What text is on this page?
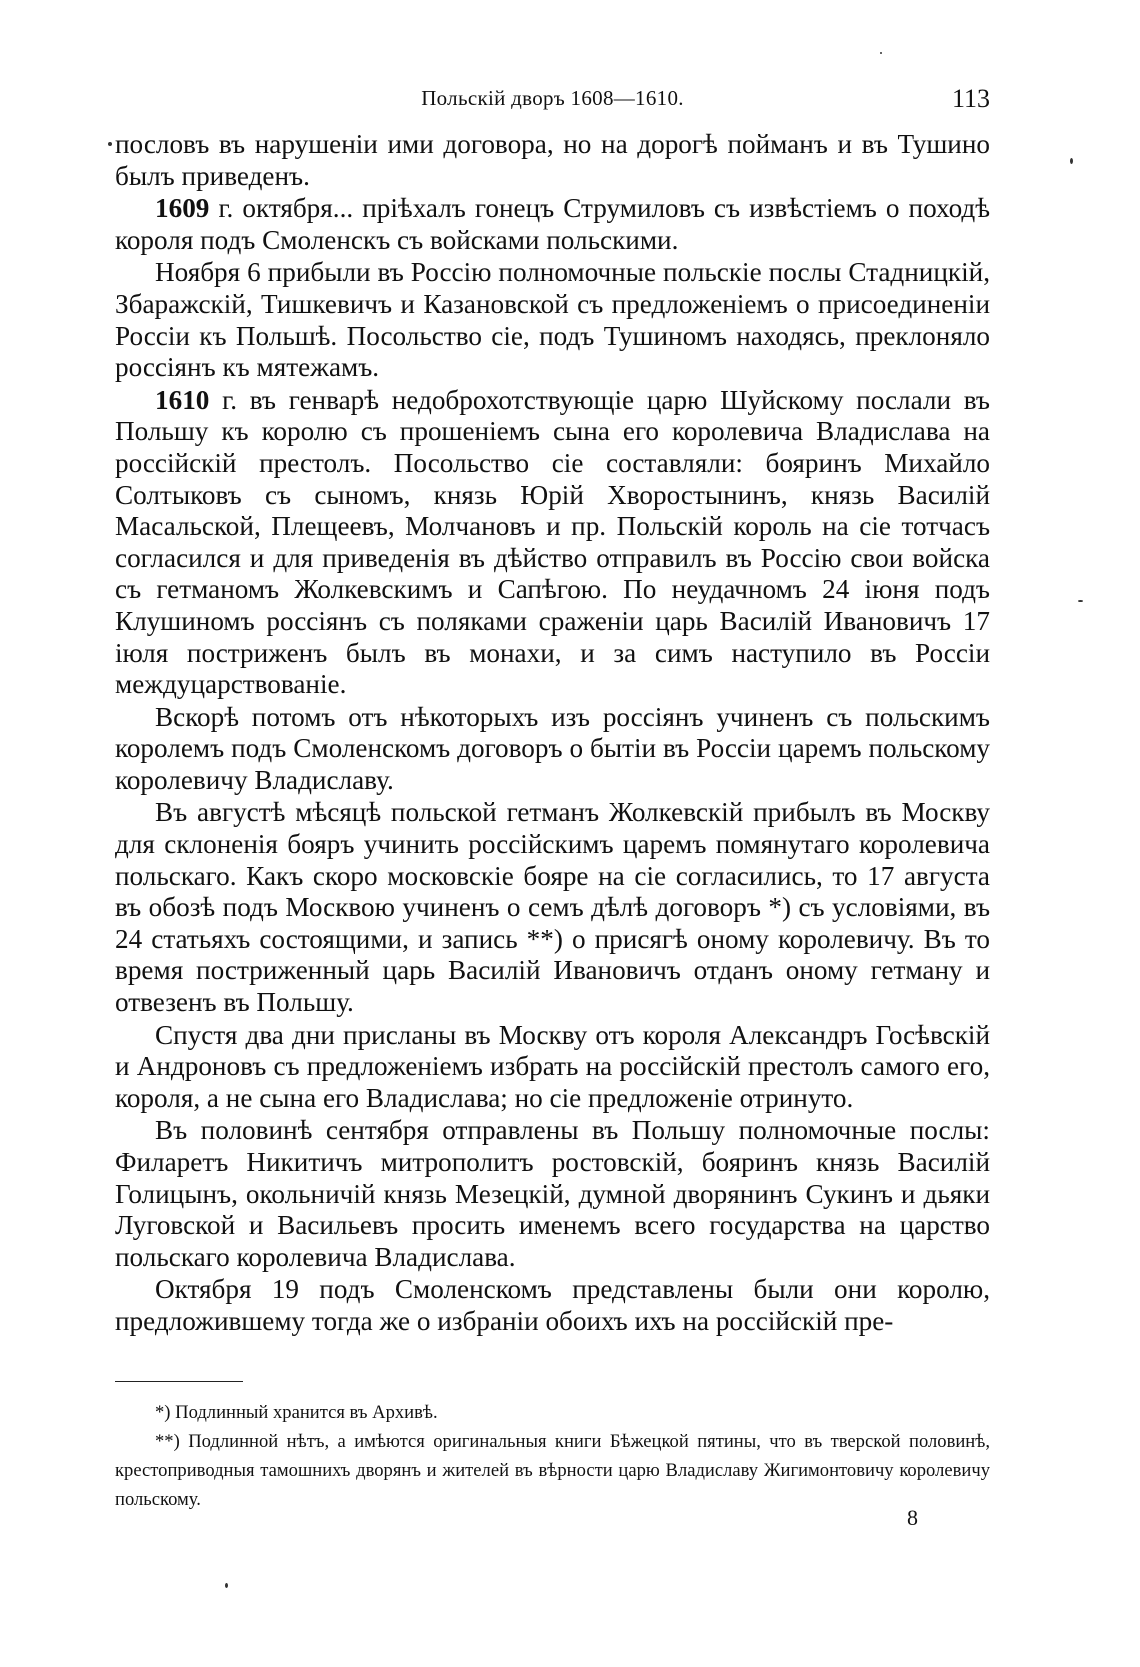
Польскій дворъ 1608—1610.	113

пословъ въ нарушеніи ими договора, но на дорогѣ пойманъ и въ Тушино былъ приведенъ.

1609 г. октября... пріѣхалъ гонецъ Струмиловъ съ извѣстіемъ о походѣ короля подъ Смоленскъ съ войсками польскими.

Ноября 6 прибыли въ Россію полномочные польскіе послы Стадницкій, Збаражскій, Тишкевичъ и Казановской съ предложеніемъ о присоединеніи Россіи къ Польшѣ. Посольство сіе, подъ Тушиномъ находясь, преклоняло россіянъ къ мятежамъ.

1610 г. въ генварѣ недоброхотствующіе царю Шуйскому послали въ Польшу къ королю съ прошеніемъ сына его королевича Владислава на россійскій престолъ. Посольство сіе составляли: бояринъ Михайло Солтыковъ съ сыномъ, князь Юрій Хворостынинъ, князь Василій Масальской, Плещеевъ, Молчановъ и пр. Польскій король на сіе тотчасъ согласился и для приведенія въ дѣйство отправилъ въ Россію свои войска съ гетманомъ Жолкевскимъ и Сапѣгою. По неудачномъ 24 іюня подъ Клушиномъ россіянъ съ поляками сраженіи царь Василій Ивановичъ 17 іюля постриженъ былъ въ монахи, и за симъ наступило въ Россіи междуцарствованіе.

Вскорѣ потомъ отъ нѣкоторыхъ изъ россіянъ учиненъ съ польскимъ королемъ подъ Смоленскомъ договоръ о бытіи въ Россіи царемъ польскому королевичу Владиславу.

Въ августѣ мѣсяцѣ польской гетманъ Жолкевскій прибылъ въ Москву для склоненія бояръ учинить россійскимъ царемъ помянутаго королевича польскаго. Какъ скоро московскіе бояре на сіе согласились, то 17 августа въ обозѣ подъ Москвою учиненъ о семъ дѣлѣ договоръ *) съ условіями, въ 24 статьяхъ состоящими, и запись **) о присягѣ оному королевичу. Въ то время постриженный царь Василій Ивановичъ отданъ оному гетману и отвезенъ въ Польшу.

Спустя два дни присланы въ Москву отъ короля Александръ Госѣвскій и Андроновъ съ предложеніемъ избрать на россійскій престолъ самого его, короля, а не сына его Владислава; но сіе предложеніе отринуто.

Въ половинѣ сентября отправлены въ Польшу полномочные послы: Филаретъ Никитичъ митрополитъ ростовскій, бояринъ князь Василій Голицынъ, окольничій князь Мезецкій, думной дворянинъ Сукинъ и дьяки Луговской и Васильевъ просить именемъ всего государства на царство польскаго королевича Владислава.

Октября 19 подъ Смоленскомъ представлены были они королю, предложившему тогда же о избраніи обоихъ ихъ на россійскій пре-

*) Подлинный хранится въ Архивѣ.

**) Подлинной нѣтъ, а имѣются оригинальныя книги Бѣжецкой пятины, что въ тверской половинѣ, крестоприводныя тамошнихъ дворянъ и жителей въ вѣрности царю Владиславу Жигимонтовичу королевичу польскому.

8
